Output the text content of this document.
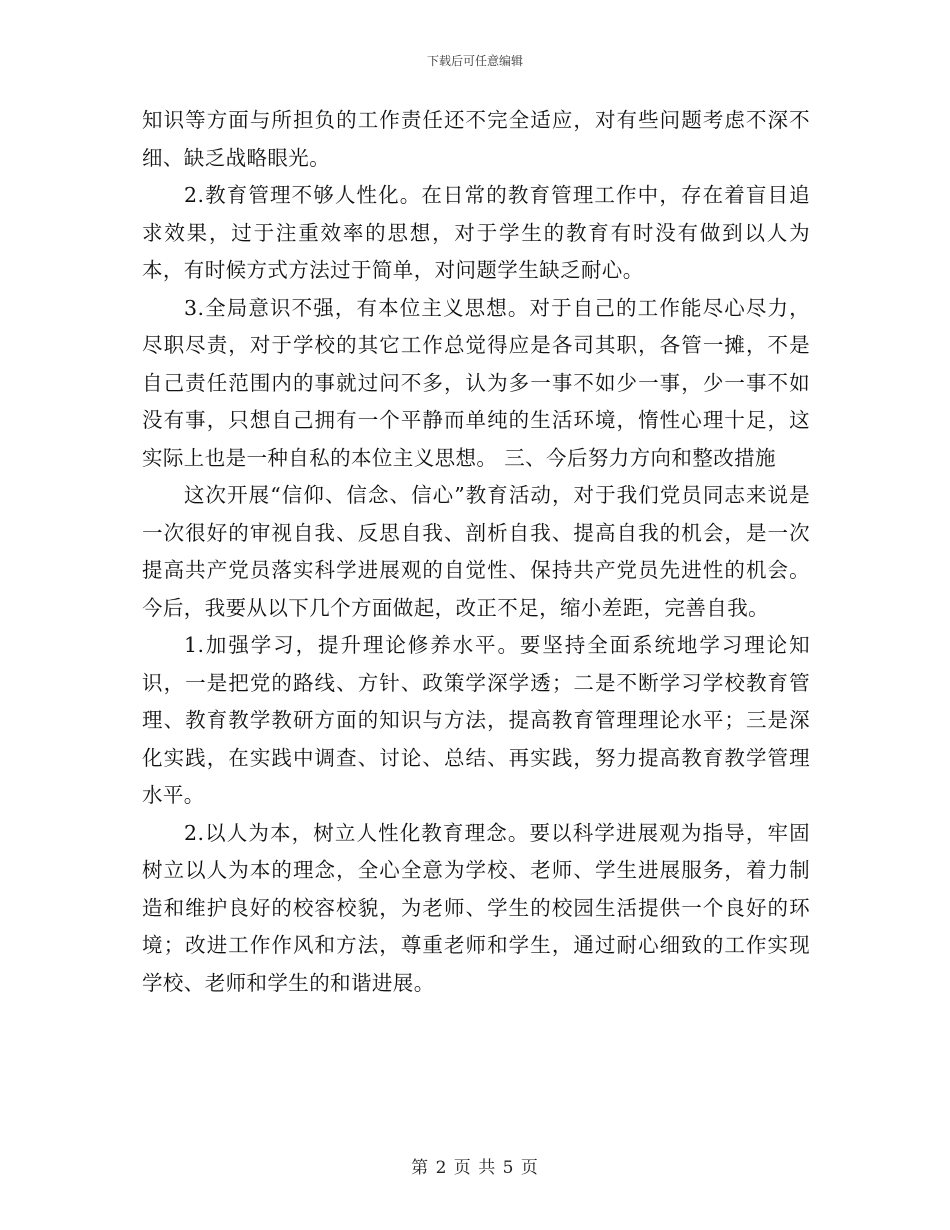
下载后可任意编辑

知识等方面与所担负的工作责任还不完全适应，对有些问题考虑不深不细、缺乏战略眼光。

2.教育管理不够人性化。在日常的教育管理工作中，存在着盲目追求效果，过于注重效率的思想，对于学生的教育有时没有做到以人为本，有时候方式方法过于简单，对问题学生缺乏耐心。

3.全局意识不强，有本位主义思想。对于自己的工作能尽心尽力，尽职尽责，对于学校的其它工作总觉得应是各司其职，各管一摊，不是自己责任范围内的事就过问不多，认为多一事不如少一事，少一事不如没有事，只想自己拥有一个平静而单纯的生活环境，惰性心理十足，这实际上也是一种自私的本位主义思想。 三、今后努力方向和整改措施

这次开展“信仰、信念、信心”教育活动，对于我们党员同志来说是一次很好的审视自我、反思自我、剖析自我、提高自我的机会，是一次提高共产党员落实科学进展观的自觉性、保持共产党员先进性的机会。今后，我要从以下几个方面做起，改正不足，缩小差距，完善自我。

1.加强学习，提升理论修养水平。要坚持全面系统地学习理论知识，一是把党的路线、方针、政策学深学透；二是不断学习学校教育管理、教育教学教研方面的知识与方法，提高教育管理理论水平；三是深化实践，在实践中调查、讨论、总结、再实践，努力提高教育教学管理水平。

2.以人为本，树立人性化教育理念。要以科学进展观为指导，牢固树立以人为本的理念，全心全意为学校、老师、学生进展服务，着力制造和维护良好的校容校貌，为老师、学生的校园生活提供一个良好的环境；改进工作作风和方法，尊重老师和学生，通过耐心细致的工作实现学校、老师和学生的和谐进展。

第 2 页 共 5 页
